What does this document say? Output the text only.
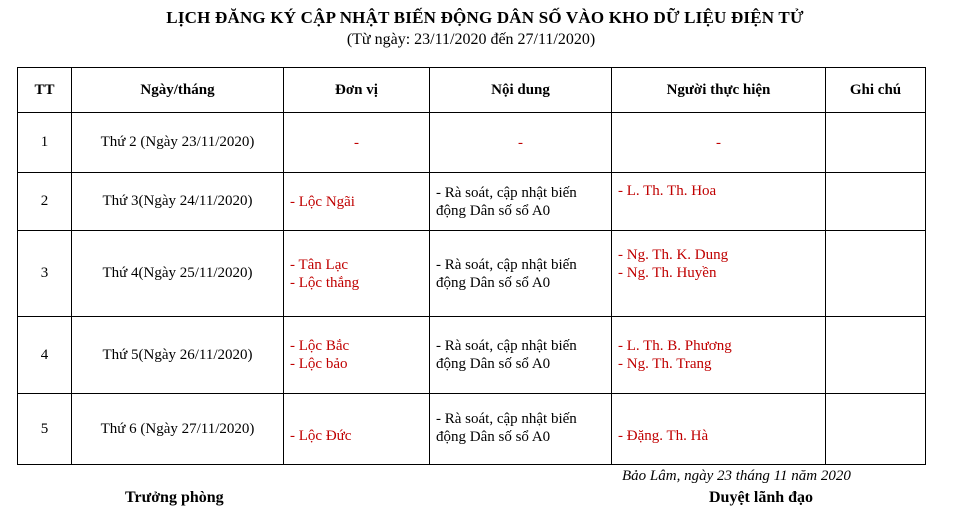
LỊCH ĐĂNG KÝ CẬP NHẬT BIẾN ĐỘNG DÂN SỐ VÀO KHO DỮ LIỆU ĐIỆN TỬ
(Từ ngày: 23/11/2020 đến 27/11/2020)
TT	Ngày/tháng	Đơn vị	Nội dung	Người thực hiện	Ghi chú
1	Thứ 2 (Ngày 23/11/2020)	-	-	-	

2	Thứ 3(Ngày 24/11/2020)	- Lộc Ngãi	- Rà soát, cập nhật biến
động Dân số sổ A0	- L. Th. Th. Hoa	

3	Thứ 4(Ngày 25/11/2020)	- Tân Lạc
- Lộc thắng	- Rà soát, cập nhật biến
động Dân số sổ A0	- Ng. Th. K. Dung
- Ng. Th. Huyền	

4	Thứ 5(Ngày 26/11/2020)	- Lộc Bắc
- Lộc bảo	- Rà soát, cập nhật biến
động Dân số sổ A0	- L. Th. B. Phương
- Ng. Th. Trang	

5	Thứ 6 (Ngày 27/11/2020)	- Lộc Đức	- Rà soát, cập nhật biến
động Dân số sổ A0	- Đặng. Th. Hà	

Bảo Lâm, ngày 23 tháng 11 năm 2020
Trưởng phòng	Duyệt lãnh đạo
